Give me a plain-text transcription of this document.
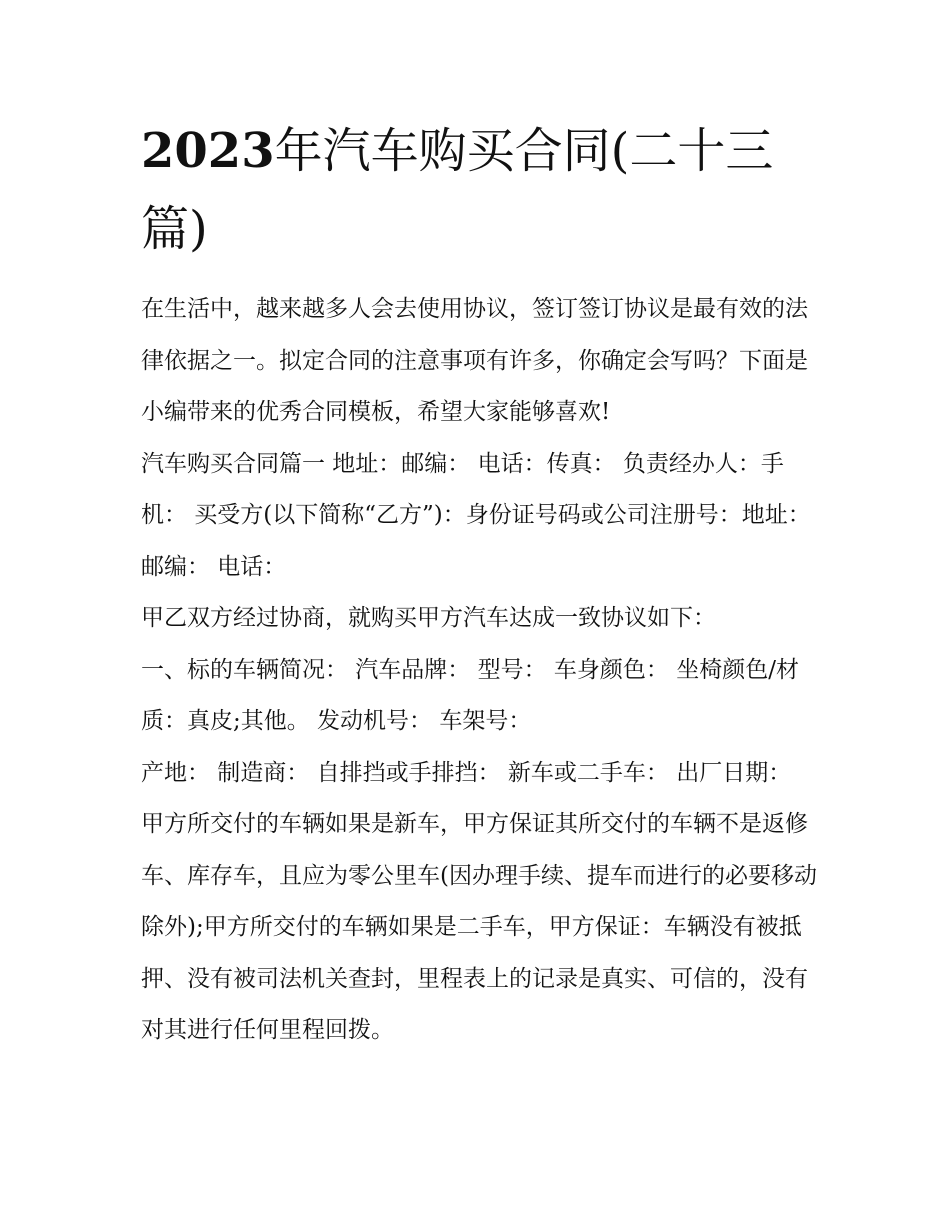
2023年汽车购买合同(二十三篇)

在生活中，越来越多人会去使用协议，签订签订协议是最有效的法律依据之一。拟定合同的注意事项有许多，你确定会写吗？下面是小编带来的优秀合同模板，希望大家能够喜欢!

汽车购买合同篇一 地址：邮编： 电话：传真： 负责经办人：手机： 买受方(以下简称“乙方”)：身份证号码或公司注册号：地址：邮编： 电话：

甲乙双方经过协商，就购买甲方汽车达成一致协议如下：

一、标的车辆简况： 汽车品牌： 型号： 车身颜色： 坐椅颜色/材质：真皮;其他。 发动机号： 车架号：

产地： 制造商： 自排挡或手排挡： 新车或二手车： 出厂日期：

甲方所交付的车辆如果是新车，甲方保证其所交付的车辆不是返修车、库存车，且应为零公里车(因办理手续、提车而进行的必要移动除外);甲方所交付的车辆如果是二手车，甲方保证：车辆没有被抵押、没有被司法机关查封，里程表上的记录是真实、可信的，没有对其进行任何里程回拨。
